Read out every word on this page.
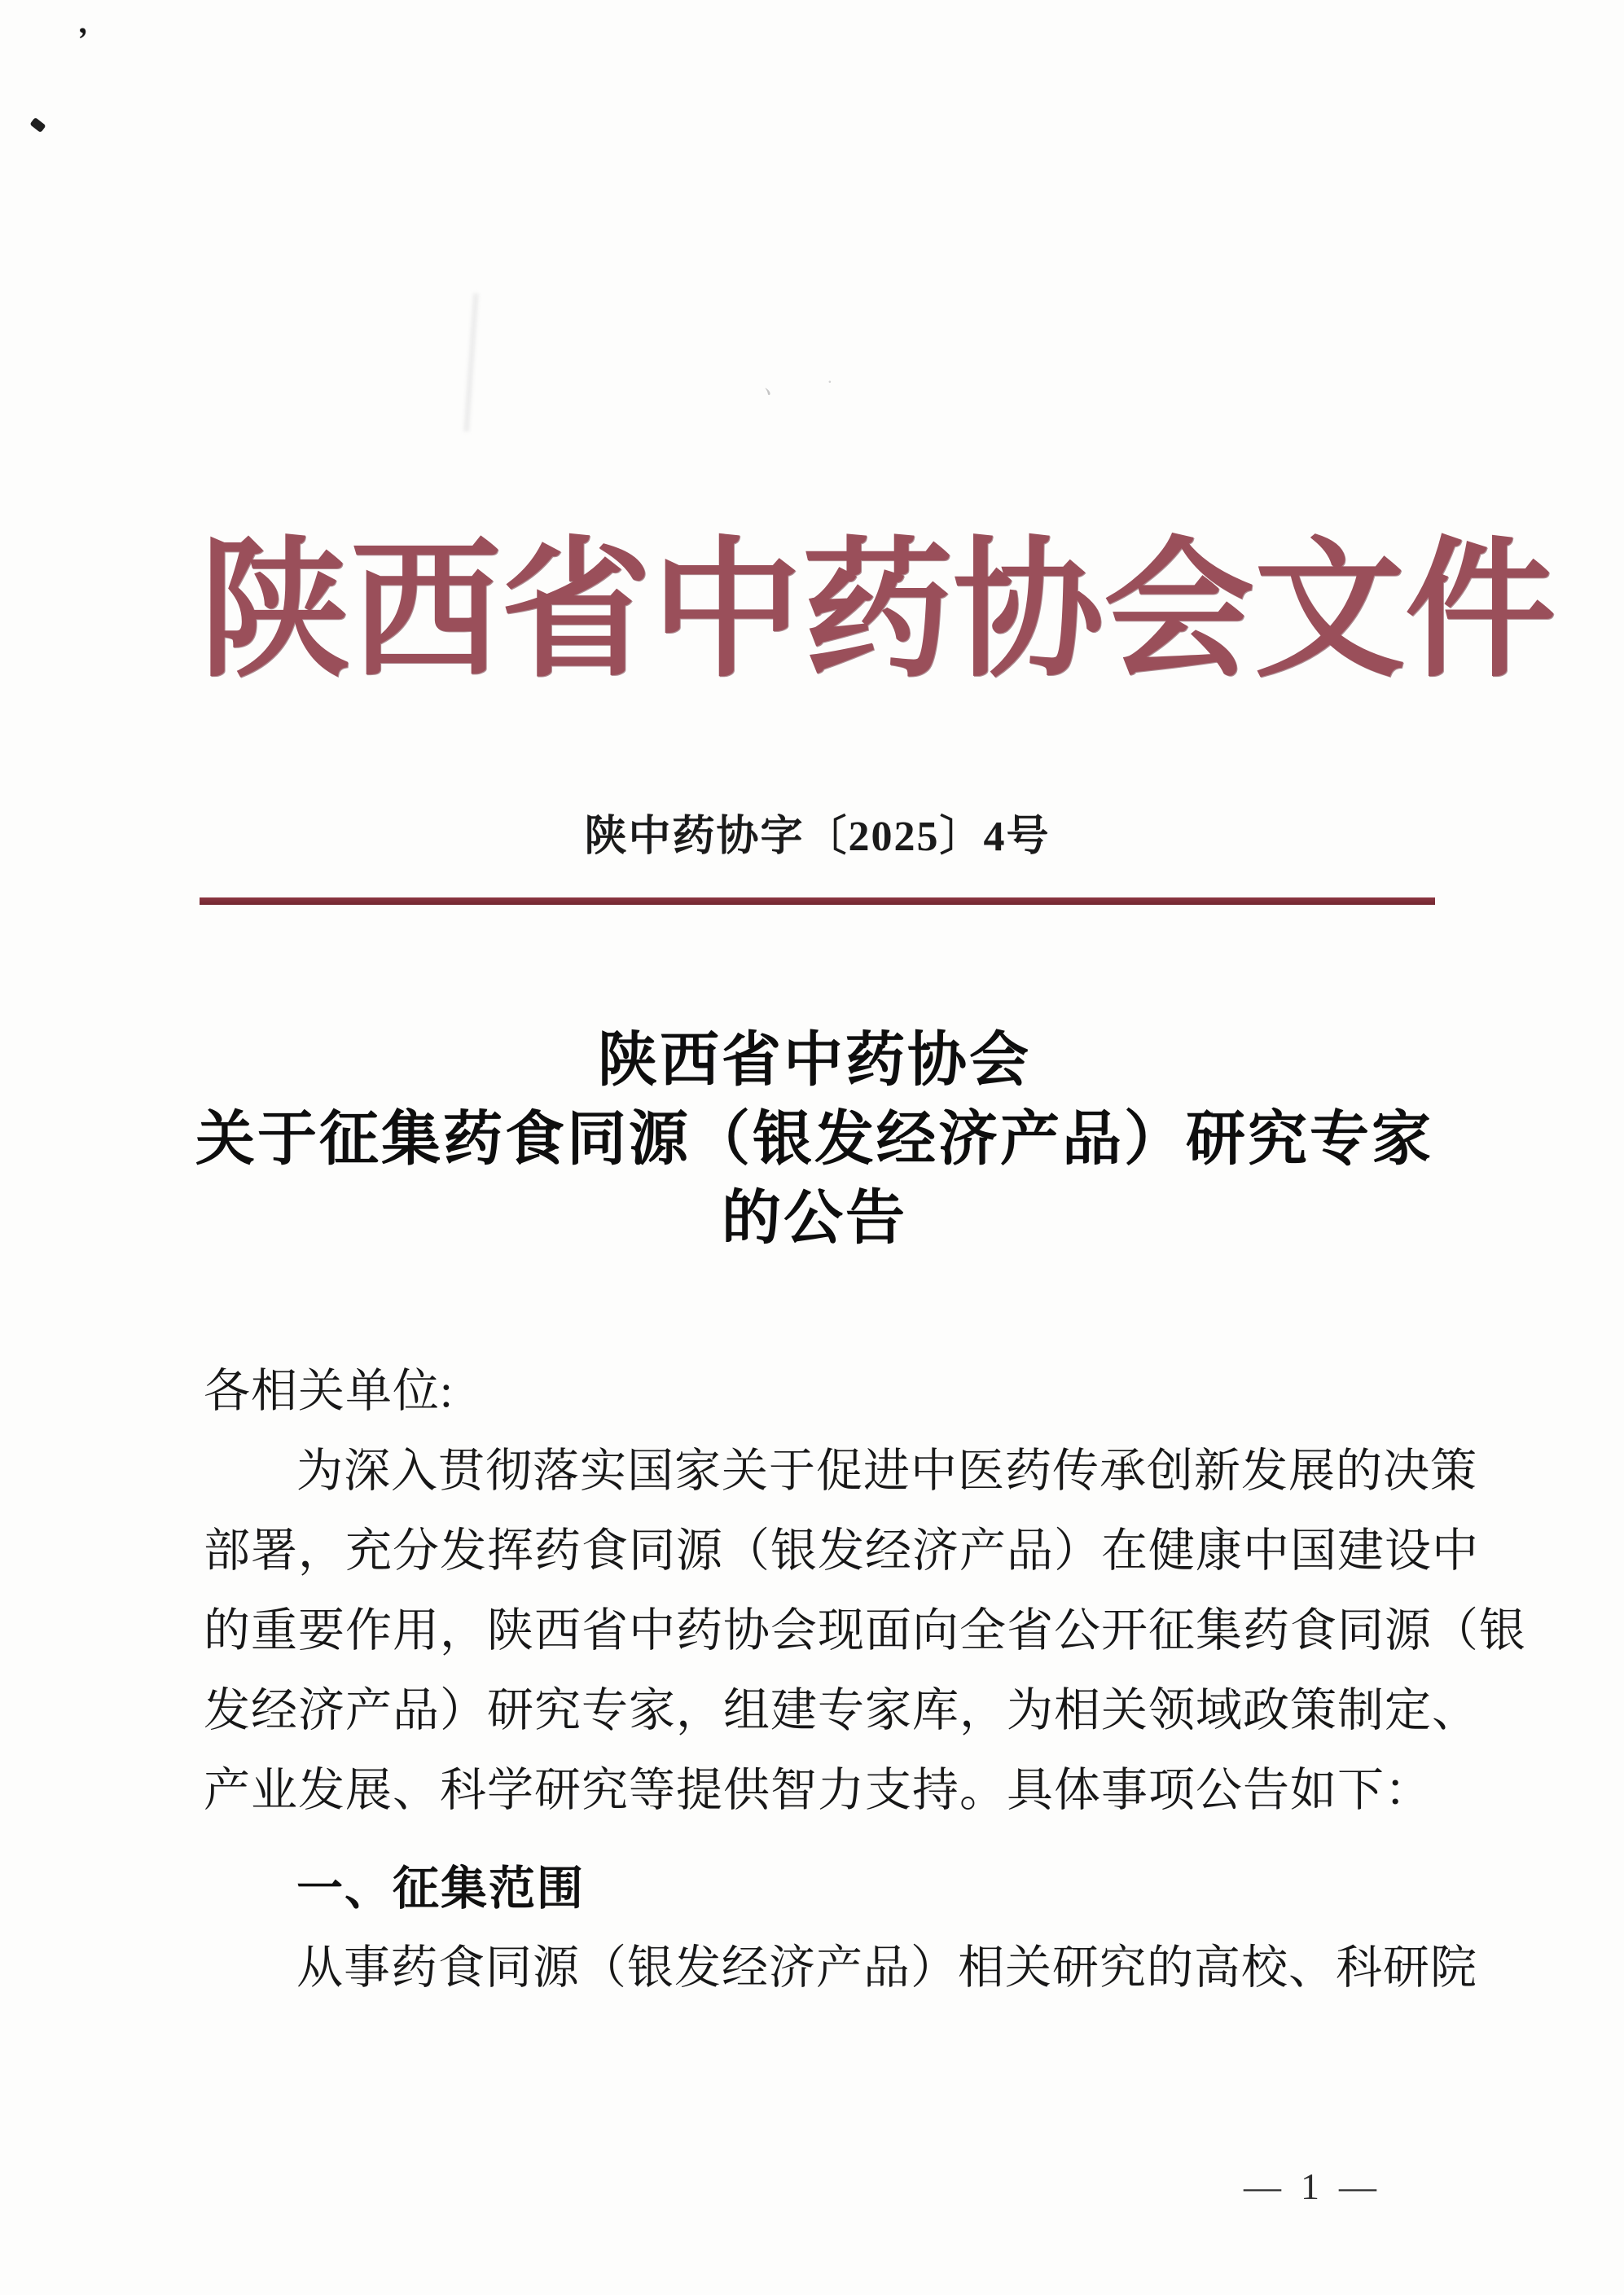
’
、 ·
陕西省中药协会文件
陕中药协字〔2025〕4号
陕西省中药协会
关于征集药食同源（银发经济产品）研究专家
的公告
各相关单位:
为深入贯彻落实国家关于促进中医药传承创新发展的决策
部署，充分发挥药食同源（银发经济产品）在健康中国建设中
的重要作用，陕西省中药协会现面向全省公开征集药食同源（银
发经济产品）研究专家，组建专家库，为相关领域政策制定、
产业发展、科学研究等提供智力支持。具体事项公告如下：
一、征集范围
从事药食同源（银发经济产品）相关研究的高校、科研院
— 1 —
